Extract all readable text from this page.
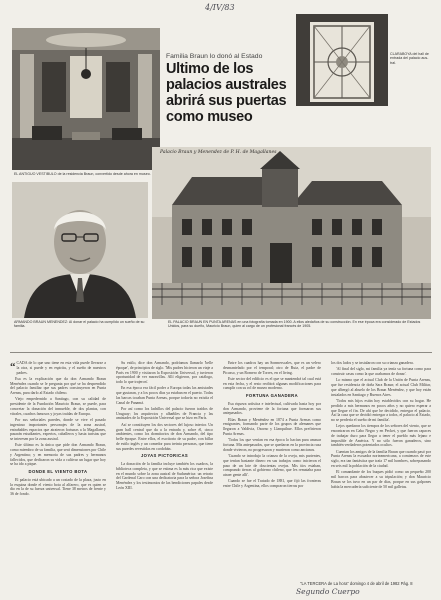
4/IV/83
EL ANTIGUO VESTIBULO de la residencia Braun, convertido desde ahora en museo.
Familia Braun lo donó al Estado
Ultimo de los palacios australes abrirá sus puertas como museo
CLARABOYA del hall de entrada del palacio aus-tral.
ARMANDO BRAUN MENENDEZ: Al donar el palacio ha cumplido un sueño de su familia.
Palacio Braun y Menendez de P. H. de Magallanes
EL PALACIO BRAUN EN PUNTA ARENAS en una fotografía tomada en 1900. A ellos aledaños de su construcción. En ese época era considerado de Estados Unidos, para su dueño, Mauricio Braun, quien al cargo de un profesional francés de 1905.

“ CADA de lo que uno tiene en esta vida puede llevarse a la otra, si puede y en espiritu, y el sueño de nuestros padres.

Esa es la explicación que da don Armando Braun Menéndez cuando se le pregunta por qué se ha desprendido del palacio familiar que sus padres construyeron en Punta Arenas, para darlo al Estado chileno.

Viejo empedernido a Santiago, con su calidad de presidente de la Fundación Mauricio Braun, se puede, para concretar la donación del inmueble, de dos plantas, con vitrales, cuadros famosos y joyas traídas de Europa.

Por sus señoriales paredes, donde se vive el pasado ingenioso importantes personajes de la zona austral, entrañables espacios que atraieron fortunas a la Magallanes, pasarán estudiantes, expertos, caballeros y hasta turistas que se interesen por la zona austral.

Este último es la única que pide don Armando Braun, como miembro de su familia, que será dimensiones por Chile y Argentina; y en memoria de sus padres y hermanos fallecidos, que dedicaron su vida a cultivar un lugar que hoy se ha ido a pique.

DONDE EL VIENTO BOTA

El palacio está ubicado a un costado de la plaza, justo en la esquina donde el viento bota al alfarero, que es quien se dio en la de su fuerza universal. Tiene 38 metros de frente y 36 de fondo.

Su estilo, dice don Armando, podríamos llamarlo 'belle époque', de principios de siglo. 'Mis padres hicieron un viaje a París en 1900 y visitaron la Exposición Universal, y tuvieron oportunidad de ver maravillas. Allí eligieron, por catálogo, todo lo que trajeron'.

En esa época era fácil poder a Europa todas las amistades que gustaran, y a los pocos días ya estaban en el puerto. Todas las barcas tocaban Punta Arenas, porque todavía no existía el Canal de Panamá.

Por así como los ladrillos del palacio fueron traídos de Uruguay; los arquitectos y albañiles de Francia y las amistades de la Exposición Universal que se hizo en París.

Así se constituyen los dos sectores del lujoso interior. Un gran hall central que da a la entrada y, sobre él, cinco ambientes, como los dormitorios de don Armando, del tipo belle époque. Entre ellos, el escritorio de su padre, con billar de estilo inglés y un comedor para treinta personas, que tiene sus paredes revestidas en cordobán.

JOYAS PICTORICAS

La donación de la familia incluye también los cuadros, la biblioteca completa, y que se estima es la más rica que existe en el mundo sobre la zona austral de Sudamérica: un retrato del Cardenal Caro con una dedicatoria para la señora Josefina Menéndez y los testimonios de las bendiciones papales desde León XIII.

Entre los cuadros hay un Sonmerscales, que es un velero desmantelado por el temporal; otro de Ruiz, el padre de Picasso, y un Romero de Torres, en el living.

Este sector del edificio es el que se mantendrá tal cual está en esta fecha, y el resto recibirá algunas modificaciones para cumplir con su rol de museo moderno.

FORTUNA GANADERA

Esa riqueza artística e intelectual, cultivada hasta hoy por don Armando, proviene de la fortuna que formaron sus antepasados.

Elías Braun y Menéndez en 1874 a Punta Arenas como emigrantes, formando parte de los grupos de alemanes que llegaron a Valdivia, Osorno y Llanquihue. Ellos prefirieron Punta Arenas.

'Todos los que venían en esa época lo hacían para amasar fortuna. Mis antepasados, que se quedaron en la provincia rusa donde vivieron, no progresaron y murieron como ancianos.

'Cuando se introdujo la crianza de la oveja, mis parientes, que tenían bastante dinero en sus trabajos como inicieron el paso de un lote de doscientas ovejas. Mis tíos estaban, comprando tierras al gobierno chileno, que les remataba para atraer gente allí'.

Cuando se fue el Tratado de 1881, que fijó las fronteras entre Chile y Argentina, ellos compraron tierras por

los dos lados y se instalaron con su crianza ganadera.

'Al final del siglo, mi familia ya tenía su fortuna como para construir casas como la que acabamos de donar'.

Lo mismo que el actual Club de la Unión de Punta Arenas, que fue residencia de doña Sara Braun; el actual Club Militar, que albergó al abuelo de los Braun Menéndez, y que hoy están instalados en Santiago y Buenos Aires.

'Todos mis hijos están hoy establecidos con su hogar. He perdido a mis hermanos en pocos años y no quiero esperar a que llegue el fin. De ahí que he decidido, entregar el palacio. Así la casa que se decidió entregar a todos, el palacio al Estado, no se perdería el sueño de mi familia'.

Lejos quedaron los tiempos de los señores del viento, que se encontraron en Cabo Negro y en Pecket, y que fueron capaces de trabajar duro para llegar a tener el pueblo más lejano e imposible de América. Y no sólo fueron ganaderos, sino también verdaderos potentados ocultos.

Cuentan los amigos de la familia Braun que cuando pasó por Punta Arenas la escuadra norteamericana, a comienzos de este siglo, era tan fantástica que traía 17 mil hombres, sobrepasando en seis mil la población de la ciudad.

El comandante de los buques pidió como un pequeño 200 mil barcos para abastecer a su tripulación; y don Mauricio Braun se los tuvo en un par de días, porque en sus galpones había la mercadería suficiente de 50 mil galletas.

"LA TERCERA de La hora" domingo 4 de abril de 1982 Pág. 8
Segundo Cuerpo
